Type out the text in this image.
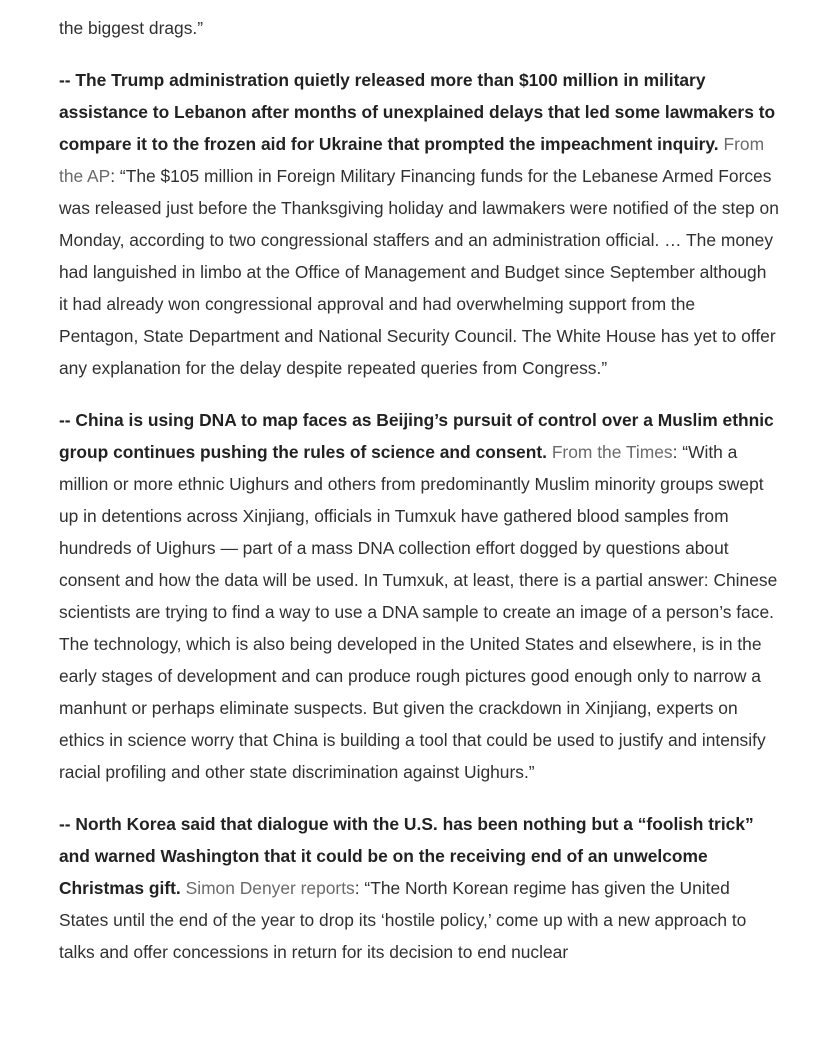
the biggest drags.”

-- The Trump administration quietly released more than $100 million in military assistance to Lebanon after months of unexplained delays that led some lawmakers to compare it to the frozen aid for Ukraine that prompted the impeachment inquiry. From the AP: “The $105 million in Foreign Military Financing funds for the Lebanese Armed Forces was released just before the Thanksgiving holiday and lawmakers were notified of the step on Monday, according to two congressional staffers and an administration official. … The money had languished in limbo at the Office of Management and Budget since September although it had already won congressional approval and had overwhelming support from the Pentagon, State Department and National Security Council. The White House has yet to offer any explanation for the delay despite repeated queries from Congress.”

-- China is using DNA to map faces as Beijing’s pursuit of control over a Muslim ethnic group continues pushing the rules of science and consent. From the Times: “With a million or more ethnic Uighurs and others from predominantly Muslim minority groups swept up in detentions across Xinjiang, officials in Tumxuk have gathered blood samples from hundreds of Uighurs — part of a mass DNA collection effort dogged by questions about consent and how the data will be used. In Tumxuk, at least, there is a partial answer: Chinese scientists are trying to find a way to use a DNA sample to create an image of a person’s face. The technology, which is also being developed in the United States and elsewhere, is in the early stages of development and can produce rough pictures good enough only to narrow a manhunt or perhaps eliminate suspects. But given the crackdown in Xinjiang, experts on ethics in science worry that China is building a tool that could be used to justify and intensify racial profiling and other state discrimination against Uighurs.”

-- North Korea said that dialogue with the U.S. has been nothing but a “foolish trick” and warned Washington that it could be on the receiving end of an unwelcome Christmas gift. Simon Denyer reports: “The North Korean regime has given the United States until the end of the year to drop its ‘hostile policy,’ come up with a new approach to talks and offer concessions in return for its decision to end nuclear
